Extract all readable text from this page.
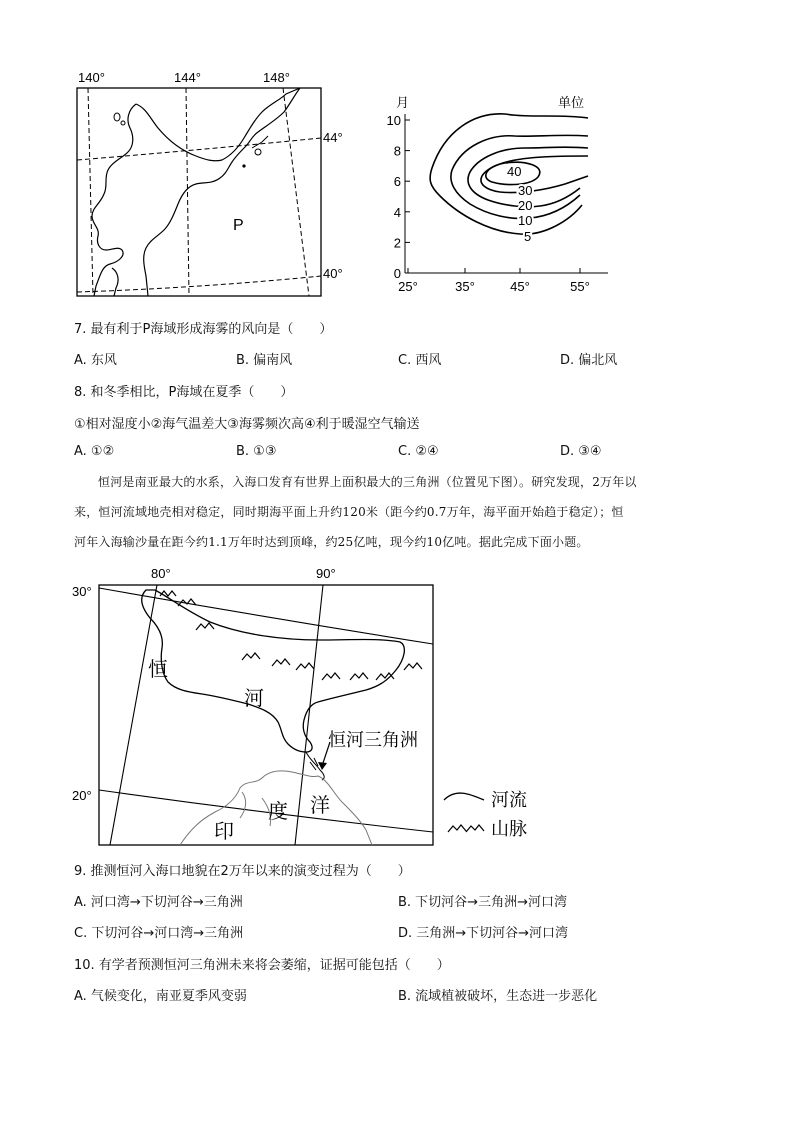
140°	144°	148°
P
44°
40°
月	单位
0
2
4
6
8
10
25°	35°	45°	55°
40
30
20
10
5
7. 最有利于P海域形成海雾的风向是（　　）
A. 东风	B. 偏南风	C. 西风	D. 偏北风
8. 和冬季相比，P海域在夏季（　　）
①相对湿度小②海气温差大③海雾频次高④利于暖湿空气输送
A. ①②	B. ①③	C. ②④	D. ③④
恒河是南亚最大的水系，入海口发育有世界上面积最大的三角洲（位置见下图）。研究发现，2万年以
来，恒河流域地壳相对稳定，同时期海平面上升约120米（距今约0.7万年，海平面开始趋于稳定）；恒
河年入海输沙量在距今约1.1万年时达到顶峰，约25亿吨，现今约10亿吨。据此完成下面小题。
80°	90°
30°
20°
恒
河
恒河三角洲
度 洋
印
河流
山脉
9. 推测恒河入海口地貌在2万年以来的演变过程为（　　）
A. 河口湾→下切河谷→三角洲	B. 下切河谷→三角洲→河口湾
C. 下切河谷→河口湾→三角洲	D. 三角洲→下切河谷→河口湾
10. 有学者预测恒河三角洲未来将会萎缩，证据可能包括（　　）
A. 气候变化，南亚夏季风变弱	B. 流域植被破坏，生态进一步恶化
